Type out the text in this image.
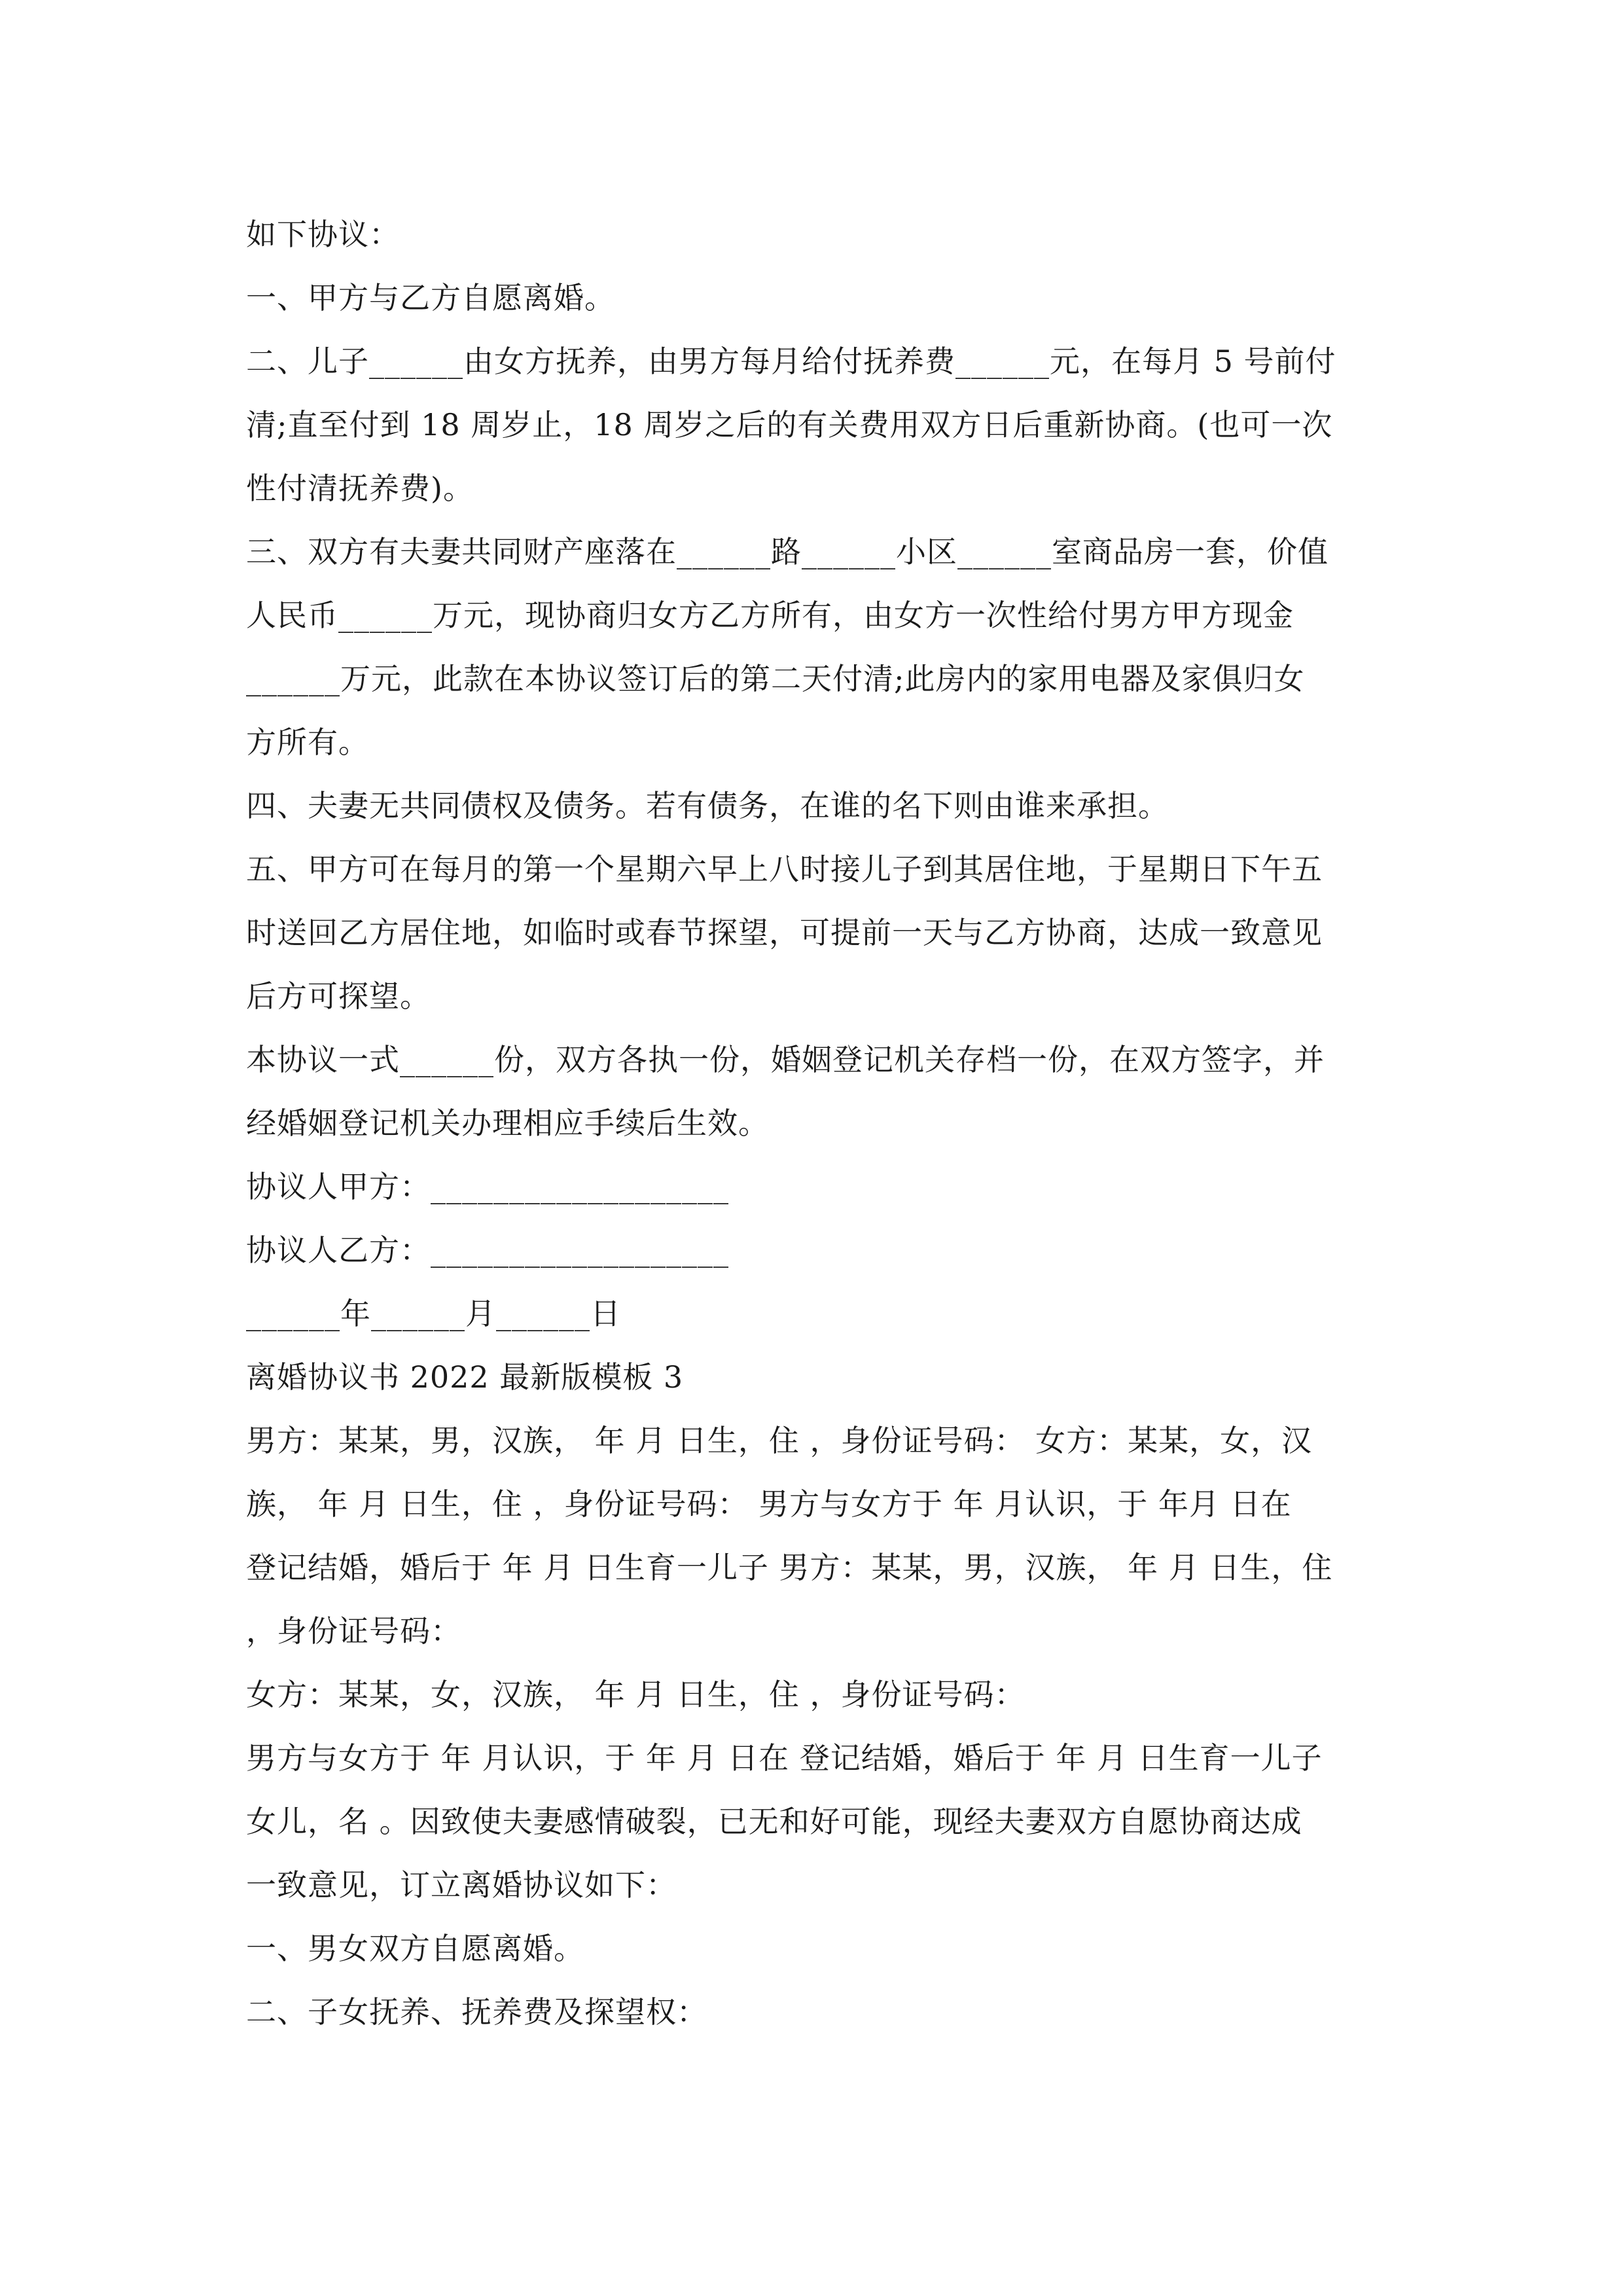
如下协议：

一、甲方与乙方自愿离婚。

二、儿子______由女方抚养，由男方每月给付抚养费______元，在每月 5 号前付

清;直至付到 18 周岁止，18 周岁之后的有关费用双方日后重新协商。(也可一次

性付清抚养费)。

三、双方有夫妻共同财产座落在______路______小区______室商品房一套，价值

人民币______万元，现协商归女方乙方所有，由女方一次性给付男方甲方现金

______万元，此款在本协议签订后的第二天付清;此房内的家用电器及家俱归女

方所有。

四、夫妻无共同债权及债务。若有债务，在谁的名下则由谁来承担。

五、甲方可在每月的第一个星期六早上八时接儿子到其居住地，于星期日下午五

时送回乙方居住地，如临时或春节探望，可提前一天与乙方协商，达成一致意见

后方可探望。

本协议一式______份，双方各执一份，婚姻登记机关存档一份，在双方签字，并

经婚姻登记机关办理相应手续后生效。

协议人甲方：___________________

协议人乙方：___________________

______年______月______日

离婚协议书 2022 最新版模板 3

男方：某某，男，汉族， 年 月 日生，住 ，身份证号码： 女方：某某，女，汉

族， 年 月 日生，住 ，身份证号码： 男方与女方于 年 月认识，于 年月 日在

登记结婚，婚后于 年 月 日生育一儿子 男方：某某，男，汉族， 年 月 日生，住

，身份证号码：

女方：某某，女，汉族， 年 月 日生，住 ，身份证号码：

男方与女方于 年 月认识，于 年 月 日在 登记结婚，婚后于 年 月 日生育一儿子

女儿，名 。因致使夫妻感情破裂，已无和好可能，现经夫妻双方自愿协商达成

一致意见，订立离婚协议如下：

一、男女双方自愿离婚。

二、子女抚养、抚养费及探望权：
